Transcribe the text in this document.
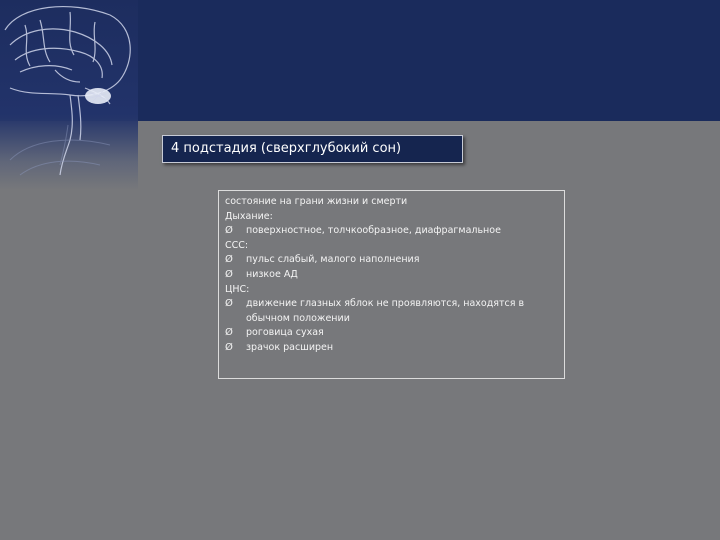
4 подстадия (сверхглубокий сон)
состояние на грани жизни и смерти
Дыхание:
Ø	поверхностное, толчкообразное, диафрагмальное
ССС:
Ø	пульс слабый, малого наполнения
Ø	низкое АД
ЦНС:
Ø	движение глазных яблок не проявляются, находятся в обычном положении
Ø	роговица сухая
Ø	зрачок расширен
